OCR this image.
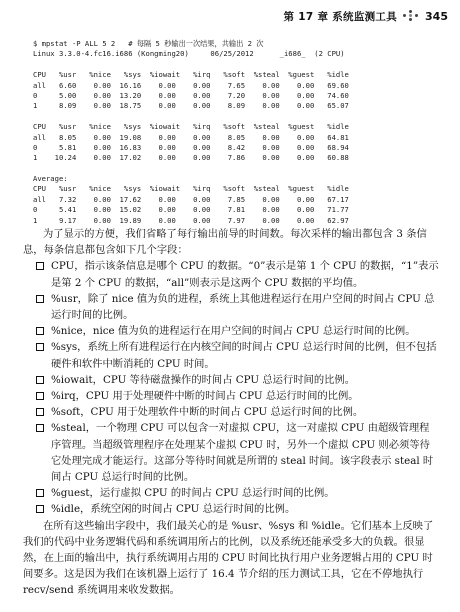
第 17 章 系统监测工具	345
$ mpstat -P ALL 5 2   # 每隔 5 秒输出一次结果，共输出 2 次
Linux 3.3.0-4.fc16.i686 (Kongming20)     06/25/2012      _i686_  (2 CPU)
CPU   %usr   %nice   %sys  %iowait   %irq   %soft  %steal  %guest   %idle
all   6.60    0.00  16.16    0.00    0.00    7.65    0.00    0.00   69.60
0     5.00    0.00  13.20    0.00    0.00    7.20    0.00    0.00   74.60
1     8.09    0.00  18.75    0.00    0.00    8.09    0.00    0.00   65.07
CPU   %usr   %nice   %sys  %iowait   %irq   %soft  %steal  %guest   %idle
all   8.05    0.00  19.08    0.00    0.00    8.05    0.00    0.00   64.81
0     5.81    0.00  16.83    0.00    0.00    8.42    0.00    0.00   68.94
1    10.24    0.00  17.02    0.00    0.00    7.86    0.00    0.00   60.88
Average:
CPU   %usr   %nice   %sys  %iowait   %irq   %soft  %steal  %guest   %idle
all   7.32    0.00  17.62    0.00    0.00    7.85    0.00    0.00   67.17
0     5.41    0.00  15.02    0.00    0.00    7.81    0.00    0.00   71.77
1     9.17    0.00  19.89    0.00    0.00    7.97    0.00    0.00   62.97

为了显示的方便，我们省略了每行输出前导的时间数。每次采样的输出都包含 3 条信息，每条信息都包含如下几个字段：

CPU，指示该条信息是哪个 CPU 的数据。“0”表示是第 1 个 CPU 的数据，“1”表示是第 2 个 CPU 的数据，“all”则表示是这两个 CPU 数据的平均值。
%usr，除了 nice 值为负的进程，系统上其他进程运行在用户空间的时间占 CPU 总运行时间的比例。
%nice，nice 值为负的进程运行在用户空间的时间占 CPU 总运行时间的比例。
%sys，系统上所有进程运行在内核空间的时间占 CPU 总运行时间的比例，但不包括硬件和软件中断消耗的 CPU 时间。
%iowait，CPU 等待磁盘操作的时间占 CPU 总运行时间的比例。
%irq，CPU 用于处理硬件中断的时间占 CPU 总运行时间的比例。
%soft，CPU 用于处理软件中断的时间占 CPU 总运行时间的比例。
%steal，一个物理 CPU 可以包含一对虚拟 CPU，这一对虚拟 CPU 由超级管理程序管理。当超级管理程序在处理某个虚拟 CPU 时，另外一个虚拟 CPU 则必须等待它处理完成才能运行。这部分等待时间就是所谓的 steal 时间。该字段表示 steal 时间占 CPU 总运行时间的比例。
%guest，运行虚拟 CPU 的时间占 CPU 总运行时间的比例。
%idle，系统空闲的时间占 CPU 总运行时间的比例。

在所有这些输出字段中，我们最关心的是 %usr、%sys 和 %idle。它们基本上反映了我们的代码中业务逻辑代码和系统调用所占的比例，以及系统还能承受多大的负载。很显然，在上面的输出中，执行系统调用占用的 CPU 时间比执行用户业务逻辑占用的 CPU 时间要多。这是因为我们在该机器上运行了 16.4 节介绍的压力测试工具，它在不停地执行 recv/send 系统调用来收发数据。
